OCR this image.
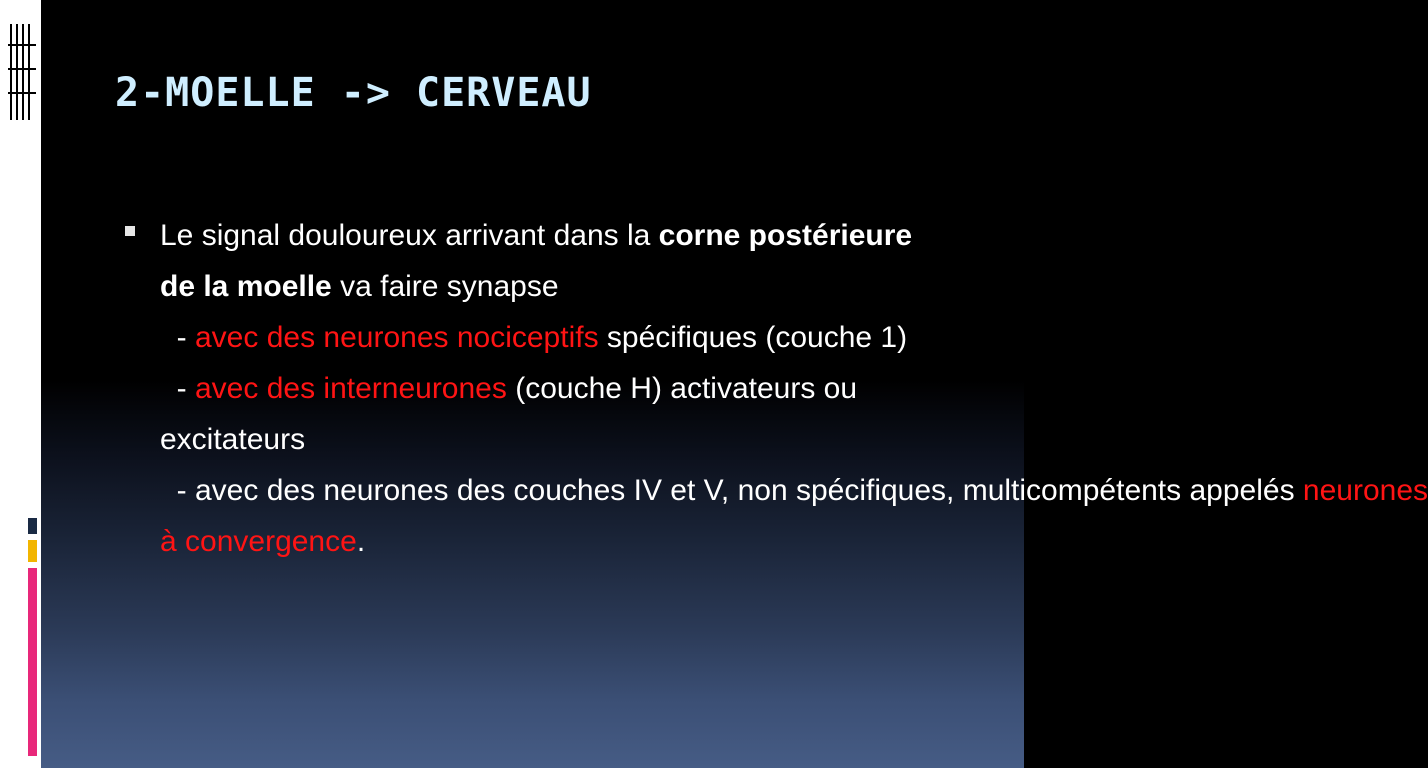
2-MOELLE -> CERVEAU
Le signal douloureux arrivant dans la corne postérieure de la moelle va faire synapse
- avec des neurones nociceptifs spécifiques (couche 1)
- avec des interneurones (couche H) activateurs ou excitateurs
- avec des neurones des couches IV et V, non spécifiques, multicompétents appelés neurones à convergence.
